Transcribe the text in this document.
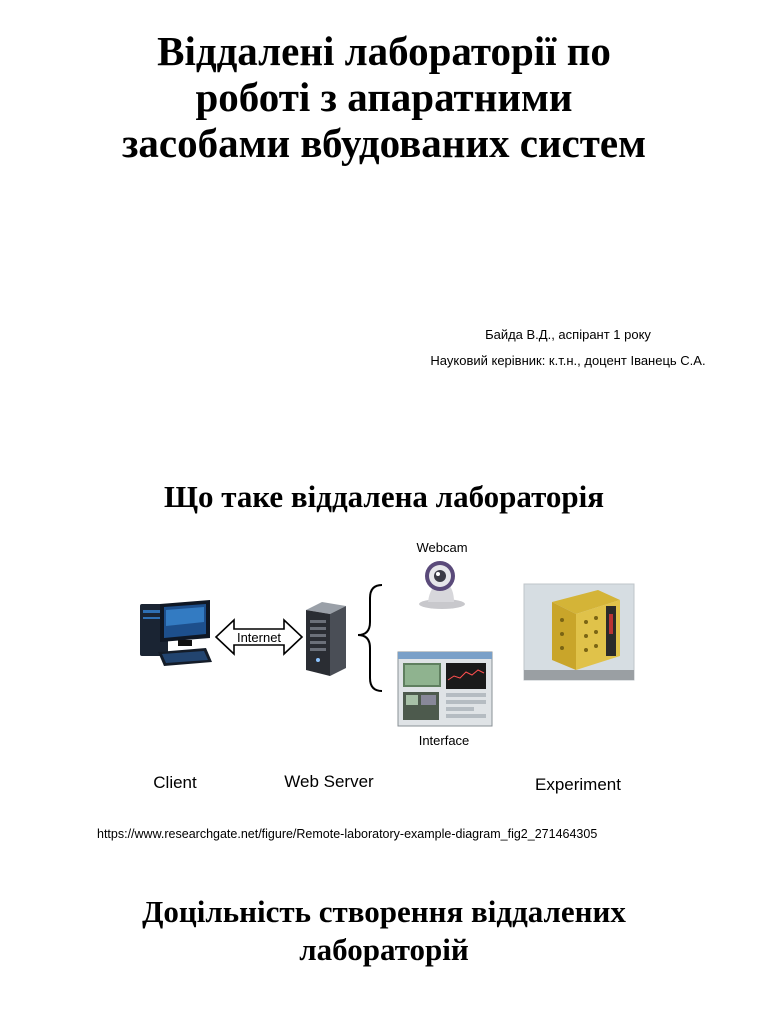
Віддалені лабораторії по
роботі з апаратними
засобами вбудованих систем
Байда В.Д., аспірант 1 року
Науковий керівник: к.т.н., доцент Іванець С.А.
Що таке віддалена лабораторія
Internet
Webcam
Interface
Client	Web Server	Experiment
https://www.researchgate.net/figure/Remote-laboratory-example-diagram_fig2_271464305
Доцільність створення віддалених
лабораторій
